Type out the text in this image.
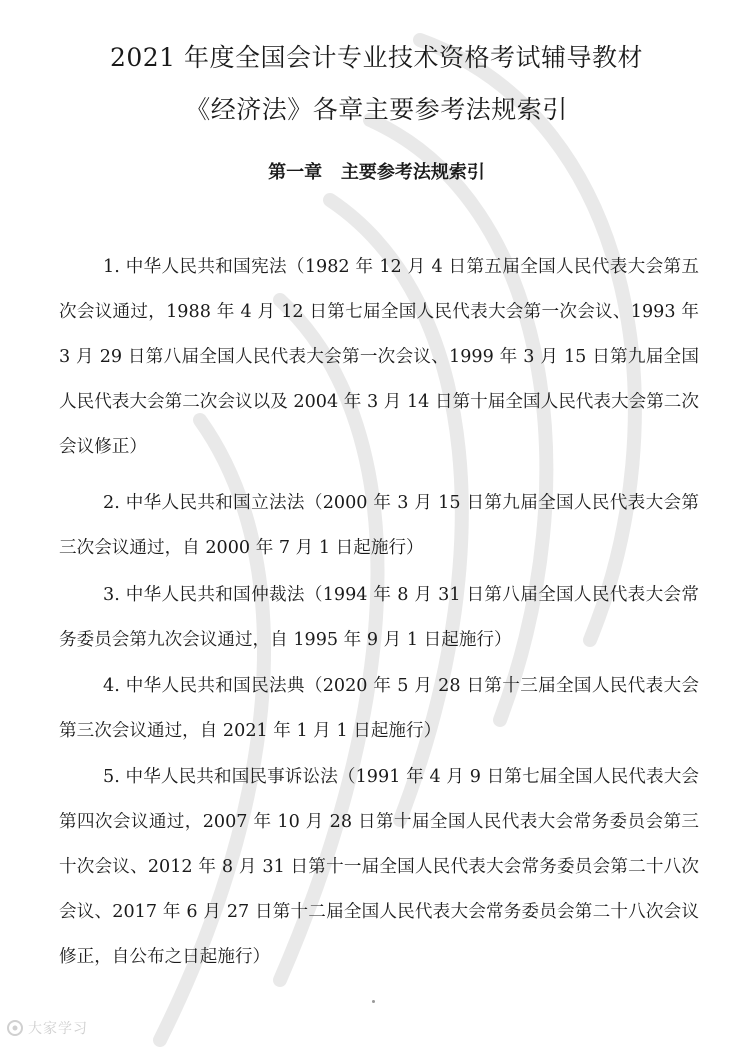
2021 年度全国会计专业技术资格考试辅导教材
《经济法》各章主要参考法规索引
第一章   主要参考法规索引

1. 中华人民共和国宪法（1982 年 12 月 4 日第五届全国人民代表大会第五次会议通过，1988 年 4 月 12 日第七届全国人民代表大会第一次会议、1993 年 3 月 29 日第八届全国人民代表大会第一次会议、1999 年 3 月 15 日第九届全国人民代表大会第二次会议以及 2004 年 3 月 14 日第十届全国人民代表大会第二次会议修正）

2. 中华人民共和国立法法（2000 年 3 月 15 日第九届全国人民代表大会第三次会议通过，自 2000 年 7 月 1 日起施行）

3. 中华人民共和国仲裁法（1994 年 8 月 31 日第八届全国人民代表大会常务委员会第九次会议通过，自 1995 年 9 月 1 日起施行）

4. 中华人民共和国民法典（2020 年 5 月 28 日第十三届全国人民代表大会第三次会议通过，自 2021 年 1 月 1 日起施行）

5. 中华人民共和国民事诉讼法（1991 年 4 月 9 日第七届全国人民代表大会第四次会议通过，2007 年 10 月 28 日第十届全国人民代表大会常务委员会第三十次会议、2012 年 8 月 31 日第十一届全国人民代表大会常务委员会第二十八次会议、2017 年 6 月 27 日第十二届全国人民代表大会常务委员会第二十八次会议修正，自公布之日起施行）

大家学习
